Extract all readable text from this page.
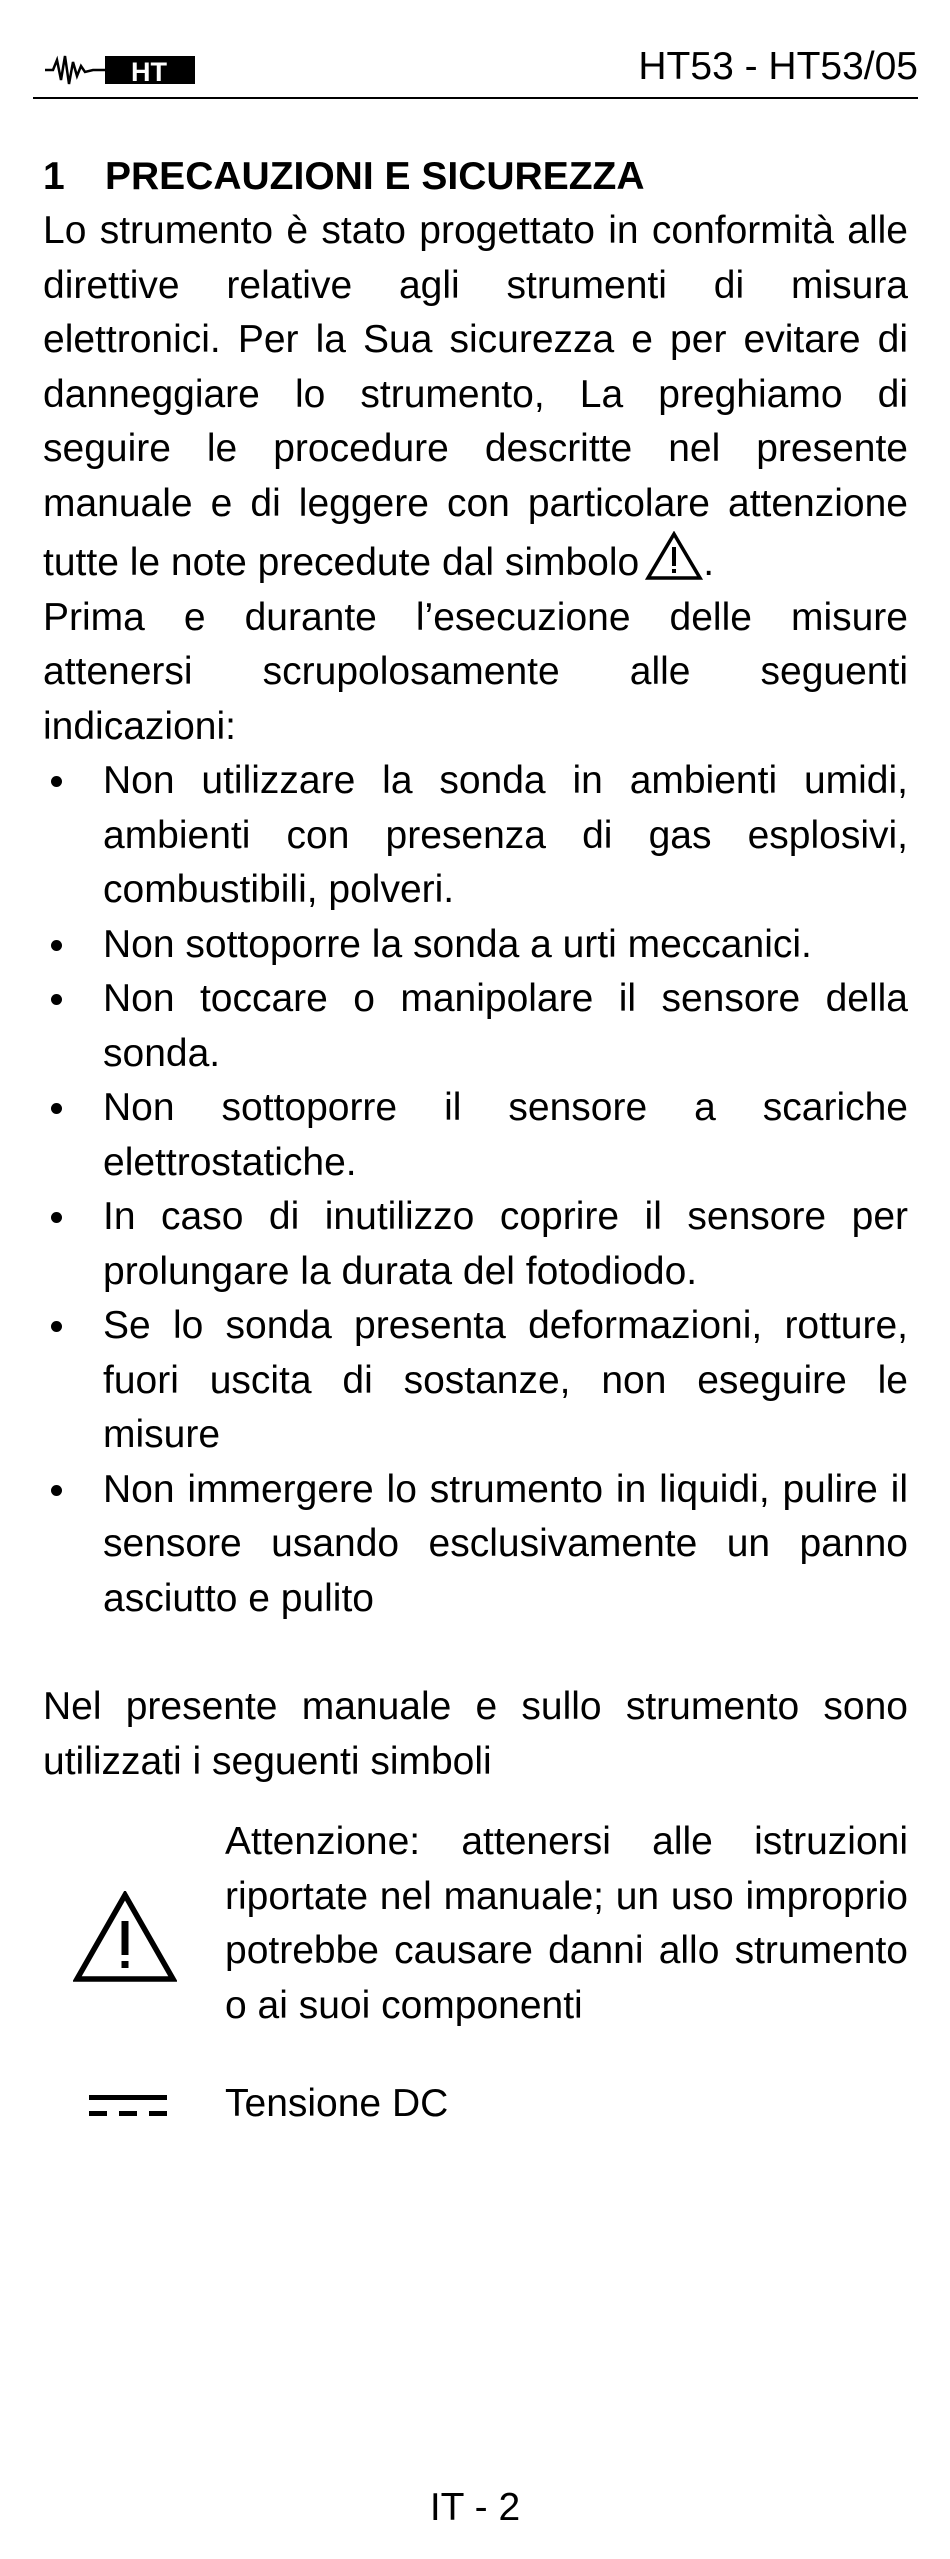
HT	HT53 - HT53/05
1 PRECAUZIONI E SICUREZZA

Lo strumento è stato progettato in conformità alle direttive relative agli strumenti di misura elettronici. Per la Sua sicurezza e per evitare di danneggiare lo strumento, La preghiamo di seguire le procedure descritte nel presente manuale e di leggere con particolare attenzione tutte le note precedute dal simbolo .

Prima e durante l’esecuzione delle misure attenersi scrupolosamente alle seguenti indicazioni:

Non utilizzare la sonda in ambienti umidi, ambienti con presenza di gas esplosivi, combustibili, polveri.
Non sottoporre la sonda a urti meccanici.
Non toccare o manipolare il sensore della sonda.
Non sottoporre il sensore a scariche elettrostatiche.
In caso di inutilizzo coprire il sensore per prolungare la durata del fotodiodo.
Se lo sonda presenta deformazioni, rotture, fuori uscita di sostanze, non eseguire le misure
Non immergere lo strumento in liquidi, pulire il sensore usando esclusivamente un panno asciutto e pulito

Nel presente manuale e sullo strumento sono utilizzati i seguenti simboli

Attenzione: attenersi alle istruzioni riportate nel manuale; un uso improprio potrebbe causare danni allo strumento o ai suoi componenti
Tensione DC
IT - 2
